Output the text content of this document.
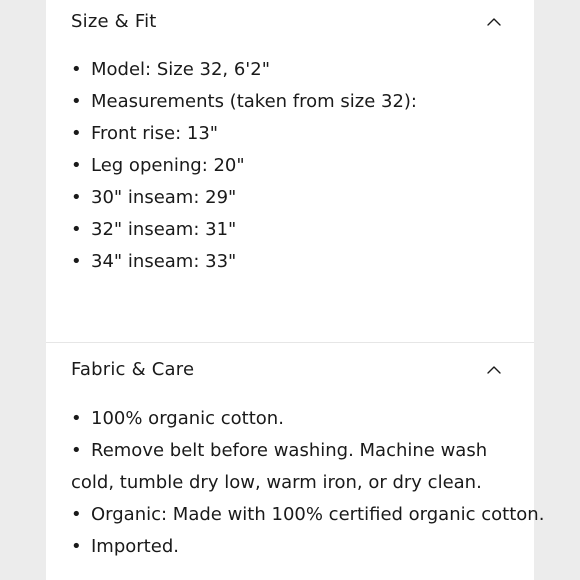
Size & Fit
• Model: Size 32, 6'2"
• Measurements (taken from size 32):
• Front rise: 13"
• Leg opening: 20"
• 30" inseam: 29"
• 32" inseam: 31"
• 34" inseam: 33"
Fabric & Care
• 100% organic cotton.
• Remove belt before washing. Machine wash cold, tumble dry low, warm iron, or dry clean.
• Organic: Made with 100% certified organic cotton.
• Imported.
